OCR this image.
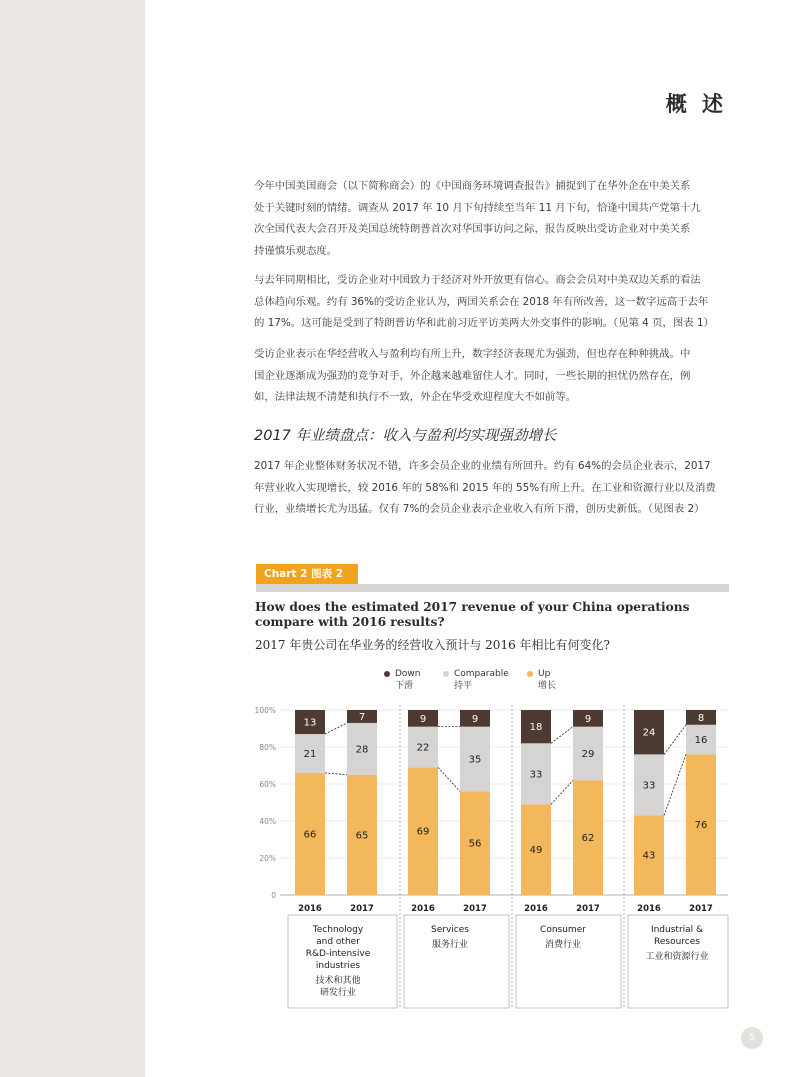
概 述

今年中国美国商会（以下简称商会）的《中国商务环境调查报告》捕捉到了在华外企在中美关系
处于关键时刻的情绪。调查从 2017 年 10 月下旬持续至当年 11 月下旬，恰逢中国共产党第十九
次全国代表大会召开及美国总统特朗普首次对华国事访问之际，报告反映出受访企业对中美关系
持谨慎乐观态度。

与去年同期相比，受访企业对中国致力于经济对外开放更有信心。商会会员对中美双边关系的看法
总体趋向乐观。约有 36%的受访企业认为，两国关系会在 2018 年有所改善，这一数字远高于去年
的 17%。这可能是受到了特朗普访华和此前习近平访美两大外交事件的影响。（见第 4 页，图表 1）

受访企业表示在华经营收入与盈利均有所上升，数字经济表现尤为强劲，但也存在种种挑战。中
国企业逐渐成为强劲的竞争对手，外企越来越难留住人才。同时，一些长期的担忧仍然存在，例
如，法律法规不清楚和执行不一致，外企在华受欢迎程度大不如前等。

2017 年业绩盘点：收入与盈利均实现强劲增长

2017 年企业整体财务状况不错，许多会员企业的业绩有所回升。约有 64%的会员企业表示，2017
年营业收入实现增长，较 2016 年的 58%和 2015 年的 55%有所上升。在工业和资源行业以及消费
行业，业绩增长尤为迅猛。仅有 7%的会员企业表示企业收入有所下滑，创历史新低。（见图表 2）

Chart 2 图表 2
How does the estimated 2017 revenue of your China operations compare with 2016 results?
2017 年贵公司在华业务的经营收入预计与 2016 年相比有何变化?
Down
下滑
Comparable
持平
Up
增长
0
20%
40%
60%
80%
100%
66
21
13
2016
65
28
7
2017
69
22
9
2016
56
35
9
2017
49
33
18
2016
62
29
9
2017
43
33
24
2016
76
16
8
2017
Technology
and other
R&D-intensive
industries
技术和其他
研发行业
Services
服务行业
Consumer
消费行业
Industrial &
Resources
工业和资源行业
5
